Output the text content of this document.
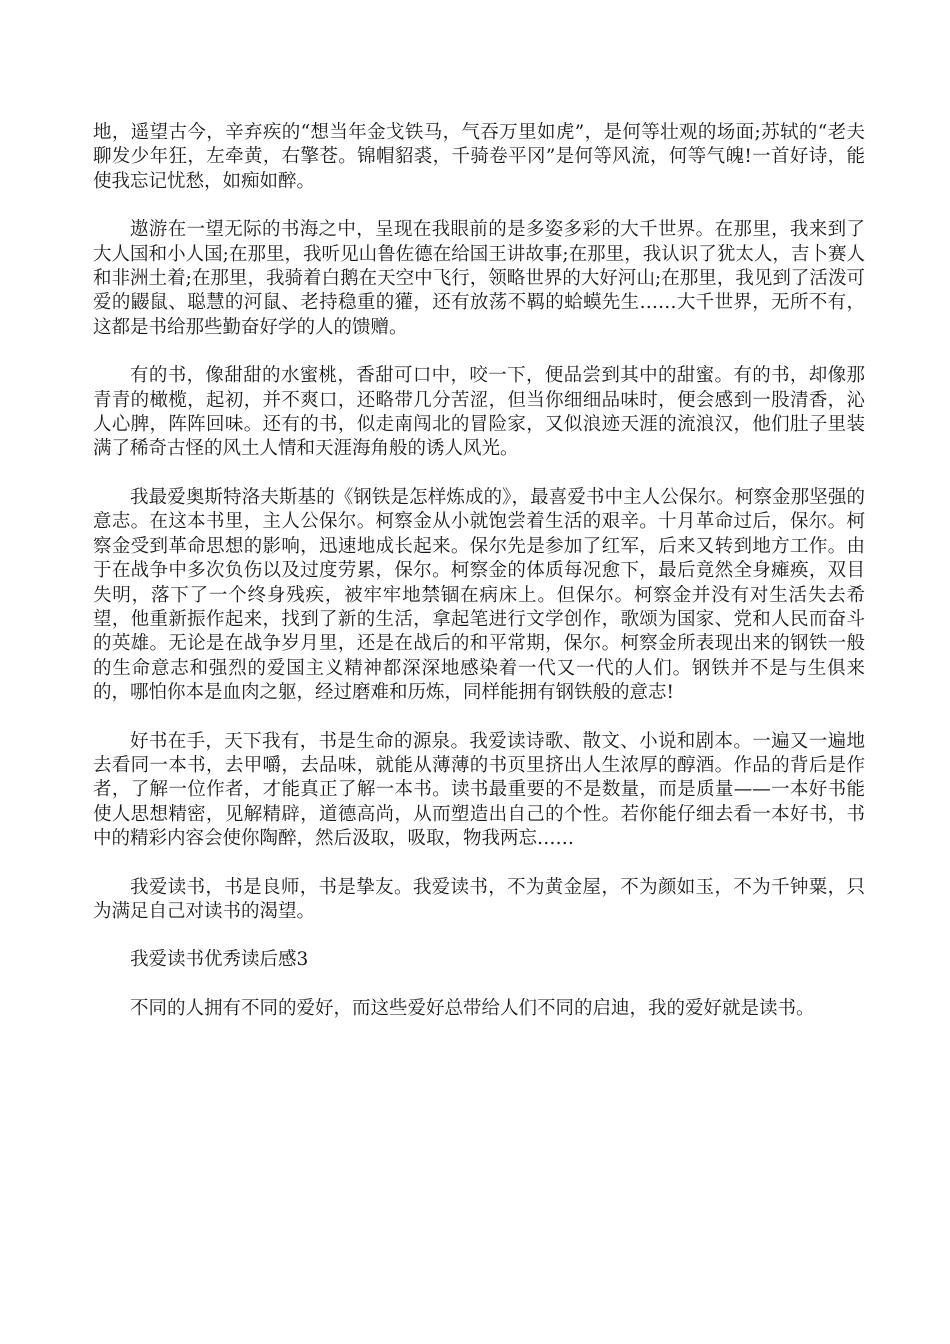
地，遥望古今，辛弃疾的“想当年金戈铁马，气吞万里如虎”，是何等壮观的场面;苏轼的“老夫聊发少年狂，左牵黄，右擎苍。锦帽貂裘，千骑卷平冈”是何等风流，何等气魄!一首好诗，能使我忘记忧愁，如痴如醉。

遨游在一望无际的书海之中，呈现在我眼前的是多姿多彩的大千世界。在那里，我来到了大人国和小人国;在那里，我听见山鲁佐德在给国王讲故事;在那里，我认识了犹太人，吉卜赛人和非洲土着;在那里，我骑着白鹅在天空中飞行，领略世界的大好河山;在那里，我见到了活泼可爱的鼹鼠、聪慧的河鼠、老持稳重的獾，还有放荡不羁的蛤蟆先生……大千世界，无所不有，这都是书给那些勤奋好学的人的馈赠。

有的书，像甜甜的水蜜桃，香甜可口中，咬一下，便品尝到其中的甜蜜。有的书，却像那青青的橄榄，起初，并不爽口，还略带几分苦涩，但当你细细品味时，便会感到一股清香，沁人心脾，阵阵回味。还有的书，似走南闯北的冒险家，又似浪迹天涯的流浪汉，他们肚子里装满了稀奇古怪的风土人情和天涯海角般的诱人风光。

我最爱奥斯特洛夫斯基的《钢铁是怎样炼成的》，最喜爱书中主人公保尔。柯察金那坚强的意志。在这本书里，主人公保尔。柯察金从小就饱尝着生活的艰辛。十月革命过后，保尔。柯察金受到革命思想的影响，迅速地成长起来。保尔先是参加了红军，后来又转到地方工作。由于在战争中多次负伤以及过度劳累，保尔。柯察金的体质每况愈下，最后竟然全身瘫痪，双目失明，落下了一个终身残疾，被牢牢地禁锢在病床上。但保尔。柯察金并没有对生活失去希望，他重新振作起来，找到了新的生活，拿起笔进行文学创作，歌颂为国家、党和人民而奋斗的英雄。无论是在战争岁月里，还是在战后的和平常期，保尔。柯察金所表现出来的钢铁一般的生命意志和强烈的爱国主义精神都深深地感染着一代又一代的人们。钢铁并不是与生俱来的，哪怕你本是血肉之躯，经过磨难和历炼，同样能拥有钢铁般的意志!

好书在手，天下我有，书是生命的源泉。我爱读诗歌、散文、小说和剧本。一遍又一遍地去看同一本书，去甲嚼，去品味，就能从薄薄的书页里挤出人生浓厚的醇酒。作品的背后是作者，了解一位作者，才能真正了解一本书。读书最重要的不是数量，而是质量——一本好书能使人思想精密，见解精辟，道德高尚，从而塑造出自己的个性。若你能仔细去看一本好书，书中的精彩内容会使你陶醉，然后汲取，吸取，物我两忘……

我爱读书，书是良师，书是挚友。我爱读书，不为黄金屋，不为颜如玉，不为千钟粟，只为满足自己对读书的渴望。

我爱读书优秀读后感3

不同的人拥有不同的爱好，而这些爱好总带给人们不同的启迪，我的爱好就是读书。
